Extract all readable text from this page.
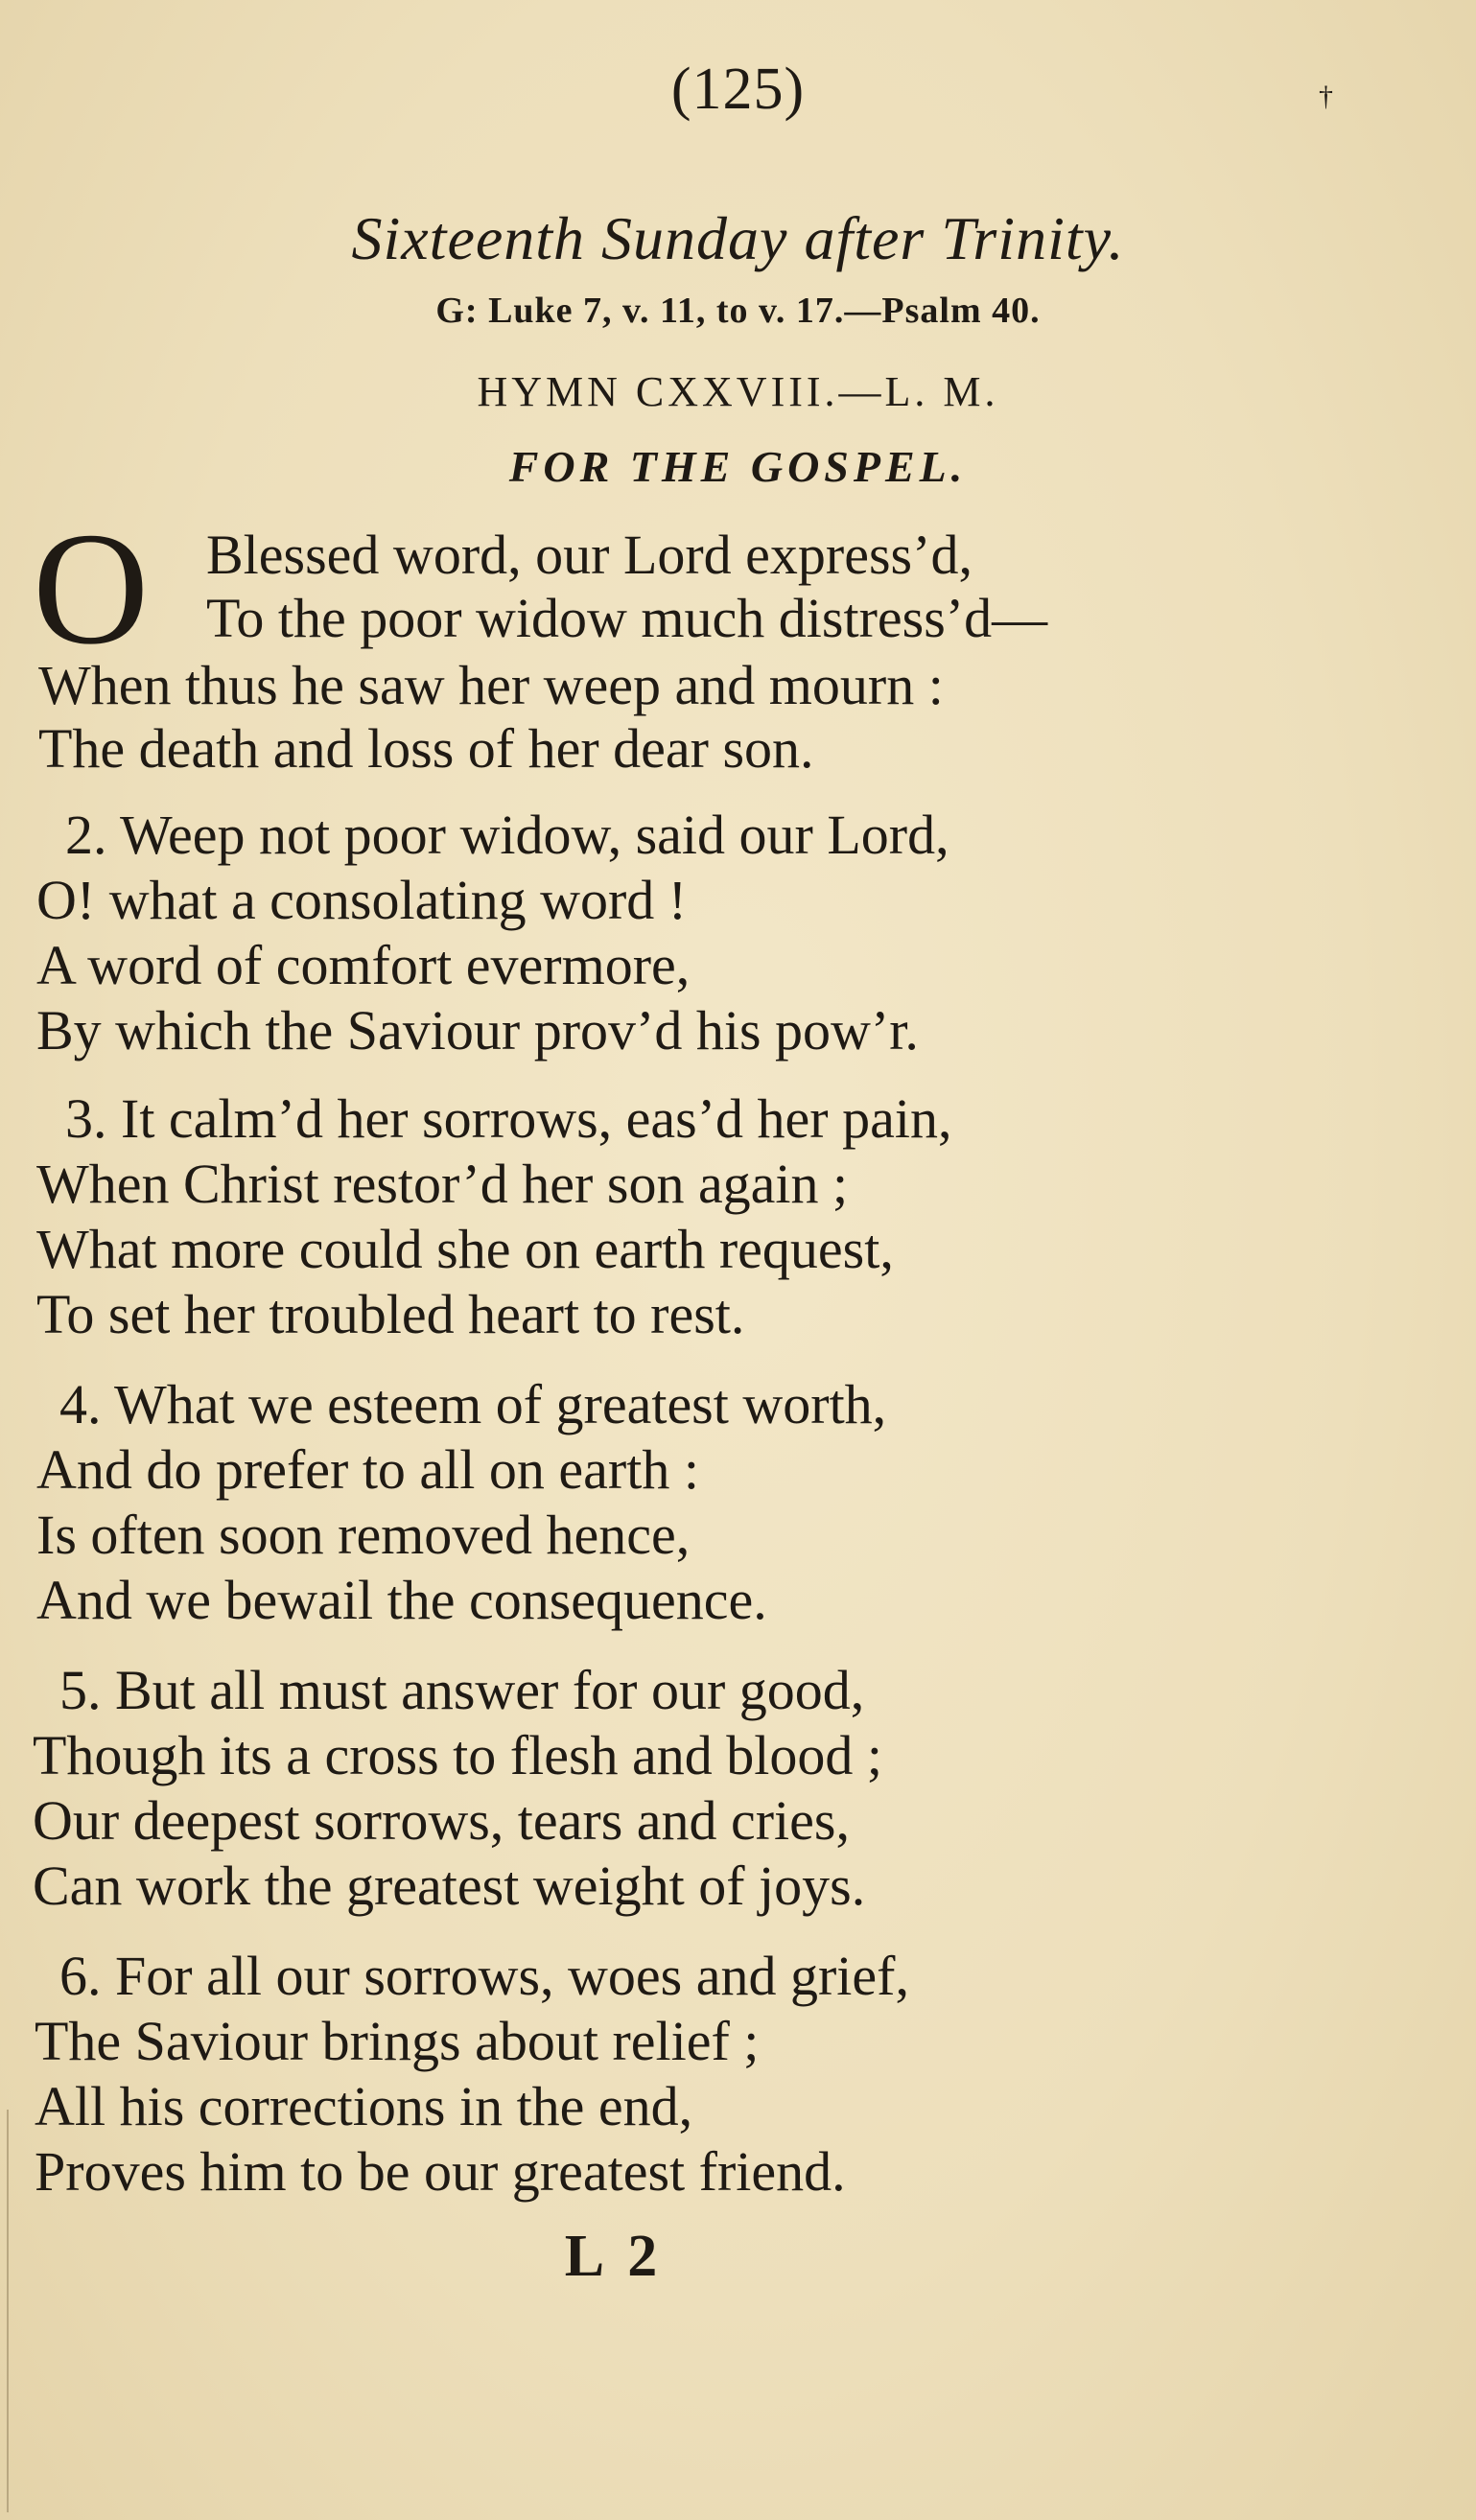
(125)	†
Sixteenth Sunday after Trinity.
G: Luke 7, v. 11, to v. 17.—Psalm 40.
HYMN CXXVIII.—L. M.
FOR THE GOSPEL.
O Blessed word, our Lord express’d,
To the poor widow much distress’d—
When thus he saw her weep and mourn :
The death and loss of her dear son.
2. Weep not poor widow, said our Lord,
O! what a consolating word !
A word of comfort evermore,
By which the Saviour prov’d his pow’r.
3. It calm’d her sorrows, eas’d her pain,
When Christ restor’d her son again ;
What more could she on earth request,
To set her troubled heart to rest.
4. What we esteem of greatest worth,
And do prefer to all on earth :
Is often soon removed hence,
And we bewail the consequence.
5. But all must answer for our good,
Though its a cross to flesh and blood ;
Our deepest sorrows, tears and cries,
Can work the greatest weight of joys.
6. For all our sorrows, woes and grief,
The Saviour brings about relief ;
All his corrections in the end,
Proves him to be our greatest friend.
L 2
